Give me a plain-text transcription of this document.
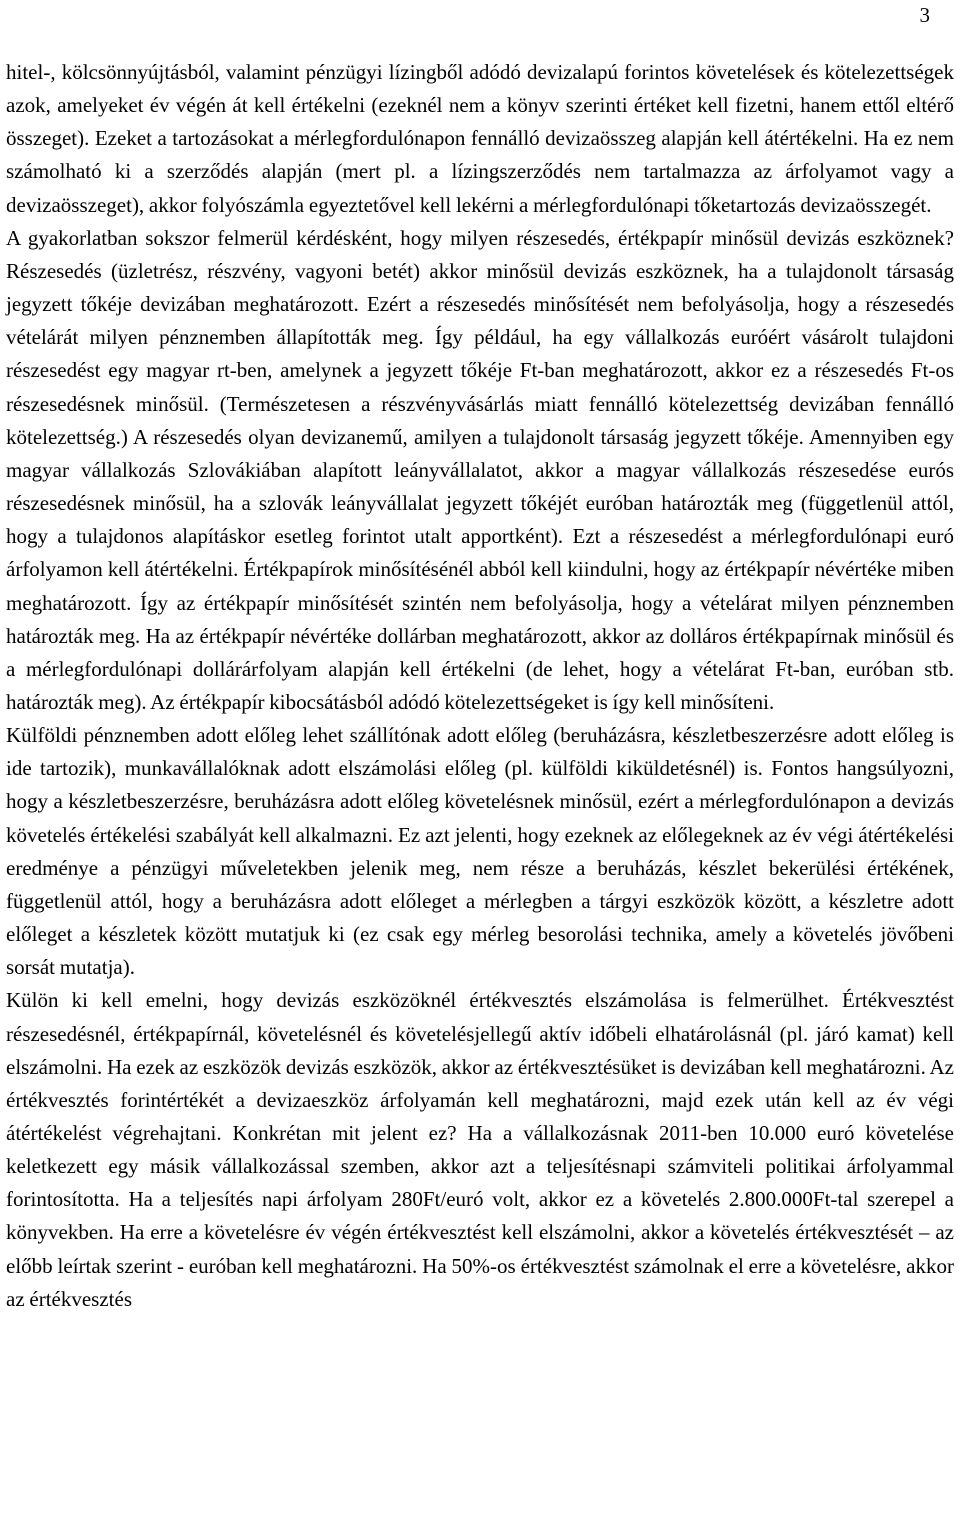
3

hitel-, kölcsönnyújtásból, valamint pénzügyi lízingből adódó devizalapú forintos követelések és kötelezettségek azok, amelyeket év végén át kell értékelni (ezeknél nem a könyv szerinti értéket kell fizetni, hanem ettől eltérő összeget). Ezeket a tartozásokat a mérlegfordulónapon fennálló devizaösszeg alapján kell átértékelni. Ha ez nem számolható ki a szerződés alapján (mert pl. a lízingszerződés nem tartalmazza az árfolyamot vagy a devizaösszeget), akkor folyószámla egyeztetővel kell lekérni a mérlegfordulónapi tőketartozás devizaösszegét.

A gyakorlatban sokszor felmerül kérdésként, hogy milyen részesedés, értékpapír minősül devizás eszköznek? Részesedés (üzletrész, részvény, vagyoni betét) akkor minősül devizás eszköznek, ha a tulajdonolt társaság jegyzett tőkéje devizában meghatározott. Ezért a részesedés minősítését nem befolyásolja, hogy a részesedés vételárát milyen pénznemben állapították meg. Így például, ha egy vállalkozás euróért vásárolt tulajdoni részesedést egy magyar rt-ben, amelynek a jegyzett tőkéje Ft-ban meghatározott, akkor ez a részesedés Ft-os részesedésnek minősül. (Természetesen a részvényvásárlás miatt fennálló kötelezettség devizában fennálló kötelezettség.) A részesedés olyan devizanemű, amilyen a tulajdonolt társaság jegyzett tőkéje. Amennyiben egy magyar vállalkozás Szlovákiában alapított leányvállalatot, akkor a magyar vállalkozás részesedése eurós részesedésnek minősül, ha a szlovák leányvállalat jegyzett tőkéjét euróban határozták meg (függetlenül attól, hogy a tulajdonos alapításkor esetleg forintot utalt apportként). Ezt a részesedést a mérlegfordulónapi euró árfolyamon kell átértékelni. Értékpapírok minősítésénél abból kell kiindulni, hogy az értékpapír névértéke miben meghatározott. Így az értékpapír minősítését szintén nem befolyásolja, hogy a vételárat milyen pénznemben határozták meg. Ha az értékpapír névértéke dollárban meghatározott, akkor az dolláros értékpapírnak minősül és a mérlegfordulónapi dollárárfolyam alapján kell értékelni (de lehet, hogy a vételárat Ft-ban, euróban stb. határozták meg). Az értékpapír kibocsátásból adódó kötelezettségeket is így kell minősíteni.

Külföldi pénznemben adott előleg lehet szállítónak adott előleg (beruházásra, készletbeszerzésre adott előleg is ide tartozik), munkavállalóknak adott elszámolási előleg (pl. külföldi kiküldetésnél) is. Fontos hangsúlyozni, hogy a készletbeszerzésre, beruházásra adott előleg követelésnek minősül, ezért a mérlegfordulónapon a devizás követelés értékelési szabályát kell alkalmazni. Ez azt jelenti, hogy ezeknek az előlegeknek az év végi átértékelési eredménye a pénzügyi műveletekben jelenik meg, nem része a beruházás, készlet bekerülési értékének, függetlenül attól, hogy a beruházásra adott előleget a mérlegben a tárgyi eszközök között, a készletre adott előleget a készletek között mutatjuk ki (ez csak egy mérleg besorolási technika, amely a követelés jövőbeni sorsát mutatja).

Külön ki kell emelni, hogy devizás eszközöknél értékvesztés elszámolása is felmerülhet. Értékvesztést részesedésnél, értékpapírnál, követelésnél és követelésjellegű aktív időbeli elhatárolásnál (pl. járó kamat) kell elszámolni. Ha ezek az eszközök devizás eszközök, akkor az értékvesztésüket is devizában kell meghatározni. Az értékvesztés forintértékét a devizaeszköz árfolyamán kell meghatározni, majd ezek után kell az év végi átértékelést végrehajtani. Konkrétan mit jelent ez? Ha a vállalkozásnak 2011-ben 10.000 euró követelése keletkezett egy másik vállalkozással szemben, akkor azt a teljesítésnapi számviteli politikai árfolyammal forintosította. Ha a teljesítés napi árfolyam 280Ft/euró volt, akkor ez a követelés 2.800.000Ft-tal szerepel a könyvekben. Ha erre a követelésre év végén értékvesztést kell elszámolni, akkor a követelés értékvesztését – az előbb leírtak szerint - euróban kell meghatározni. Ha 50%-os értékvesztést számolnak el erre a követelésre, akkor az értékvesztés
